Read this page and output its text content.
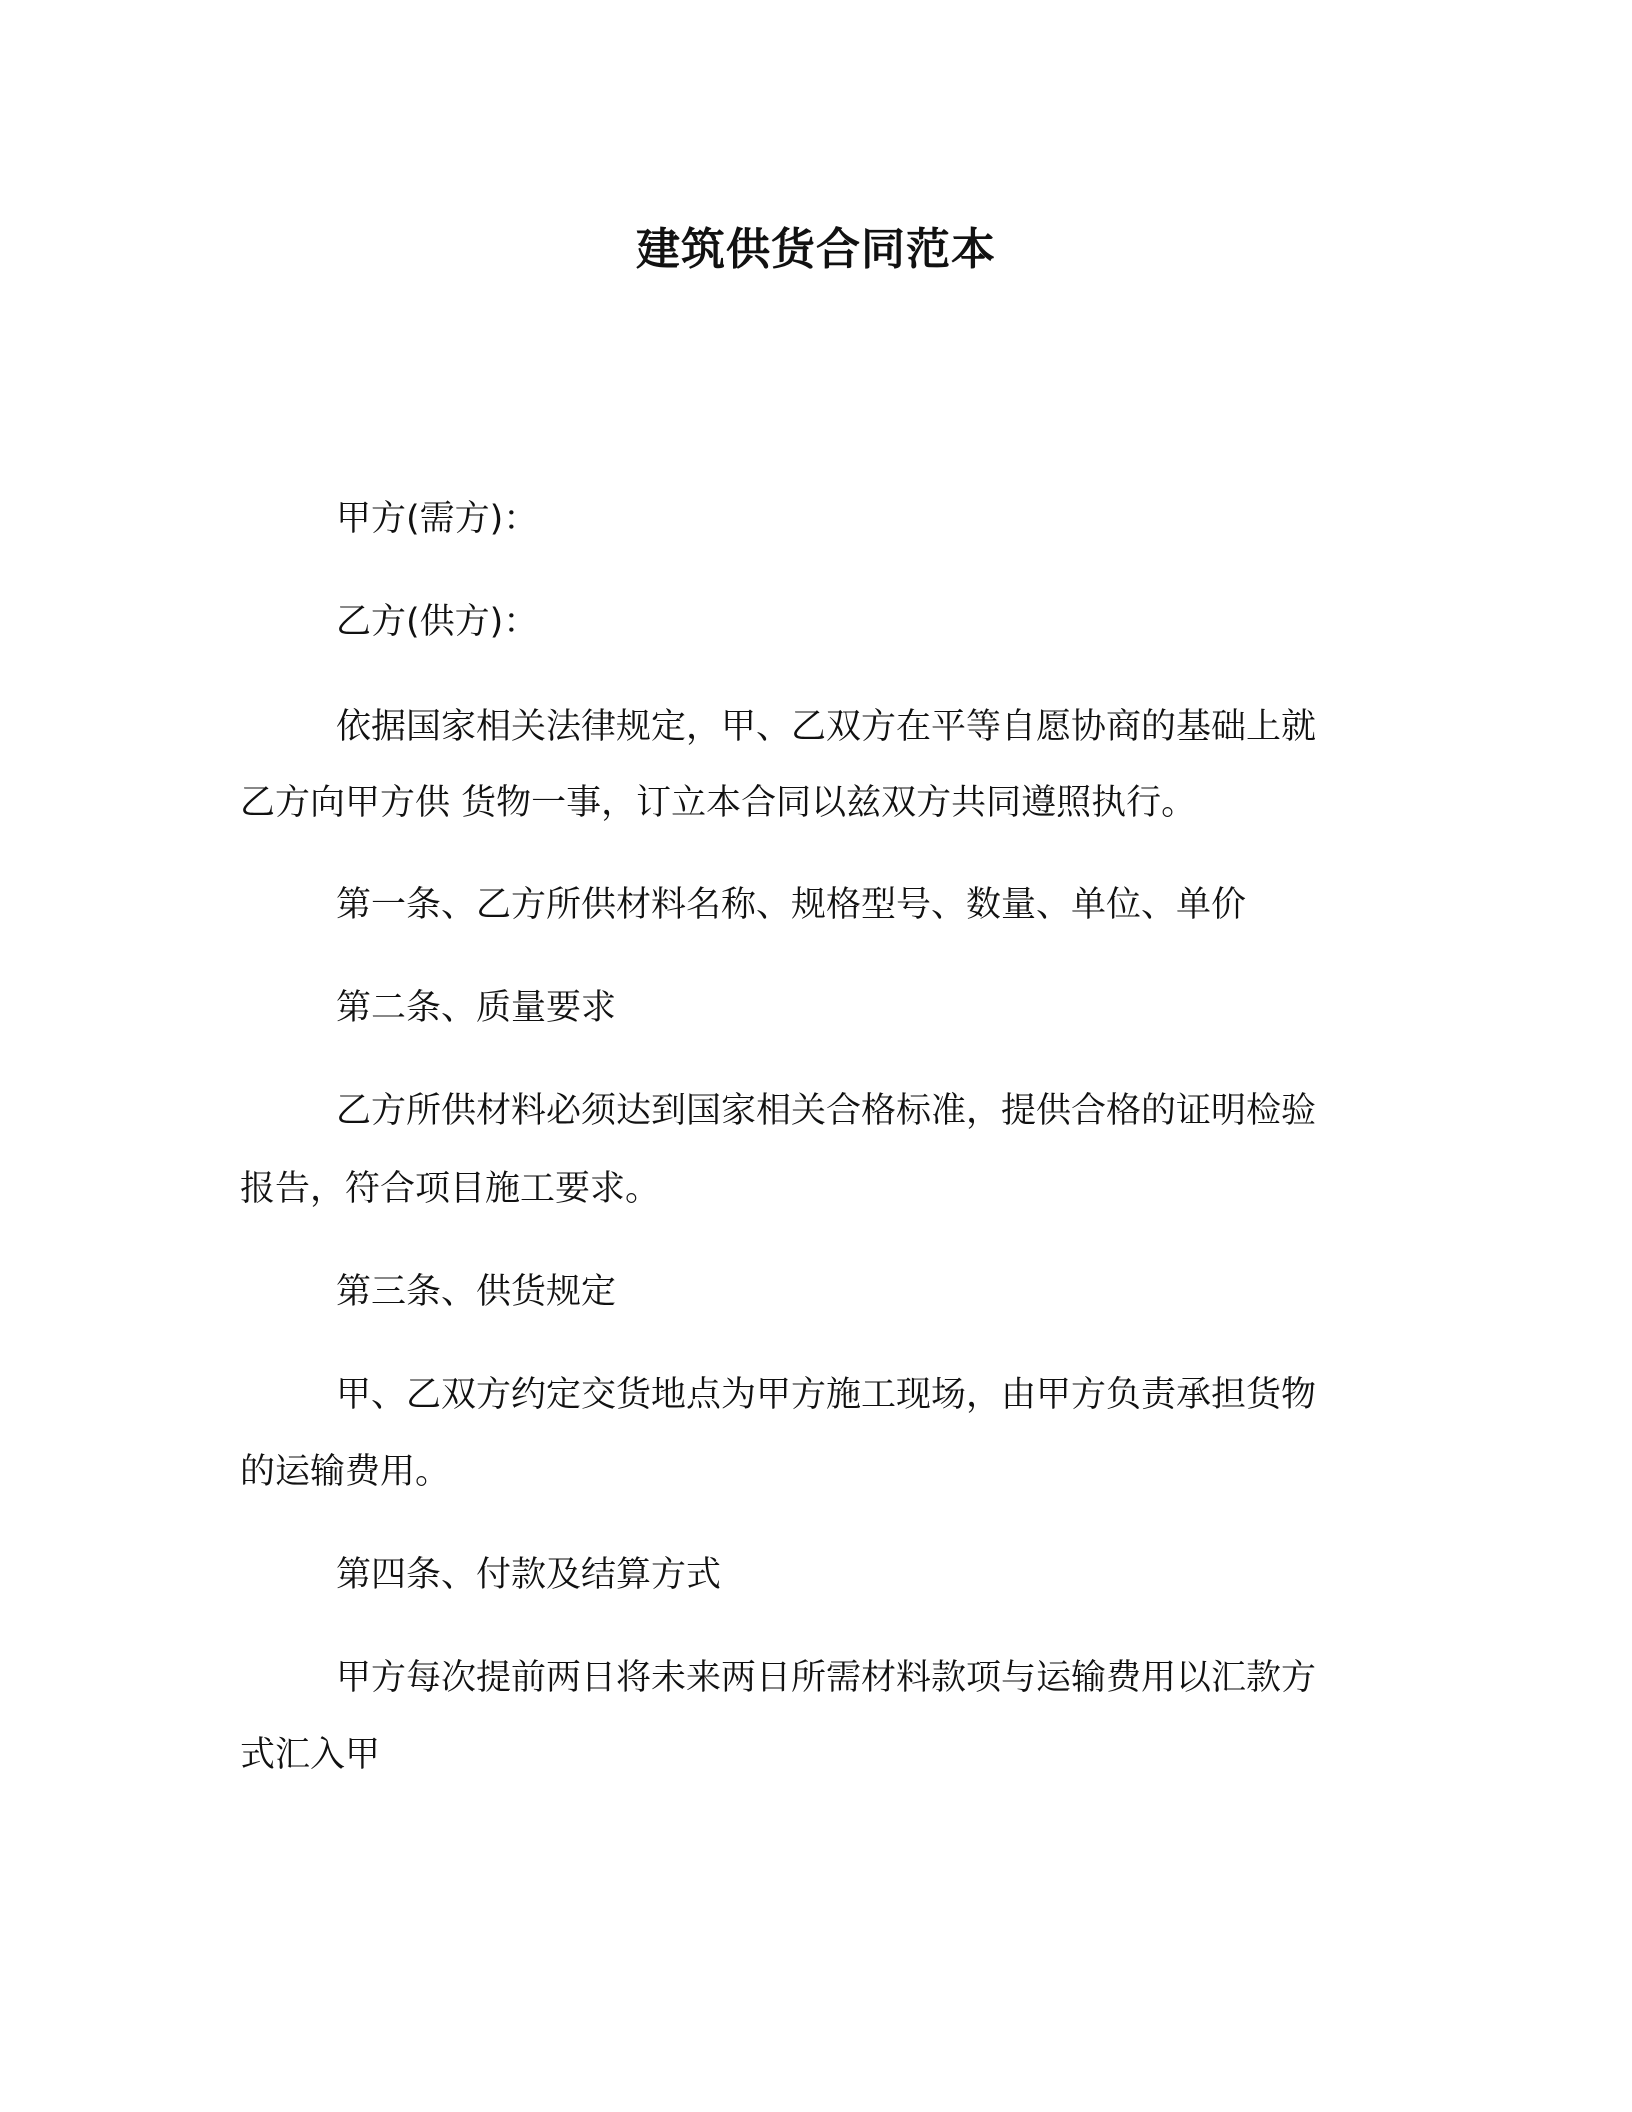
建筑供货合同范本
甲方(需方)：
乙方(供方)：
依据国家相关法律规定，甲、乙双方在平等自愿协商的基础上就
乙方向甲方供 货物一事，订立本合同以兹双方共同遵照执行。
第一条、乙方所供材料名称、规格型号、数量、单位、单价
第二条、质量要求
乙方所供材料必须达到国家相关合格标准，提供合格的证明检验
报告，符合项目施工要求。
第三条、供货规定
甲、乙双方约定交货地点为甲方施工现场，由甲方负责承担货物
的运输费用。
第四条、付款及结算方式
甲方每次提前两日将未来两日所需材料款项与运输费用以汇款方
式汇入甲
